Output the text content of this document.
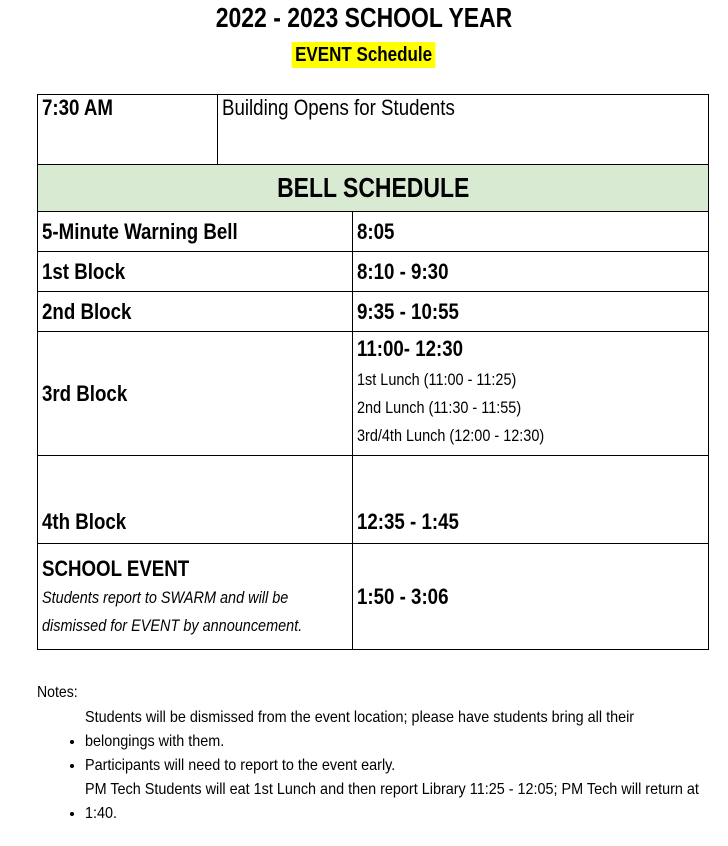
2022 - 2023 SCHOOL YEAR
EVENT Schedule
7:30 AM	Building Opens for Students
BELL SCHEDULE	
5-Minute Warning Bell	8:05
1st Block	8:10 - 9:30
2nd Block	9:35 - 10:55
3rd Block	11:00- 12:30
1st Lunch (11:00 - 11:25)
2nd Lunch (11:30 - 11:55)
3rd/4th Lunch (12:00 - 12:30)

4th Block	12:35 - 1:45

SCHOOL EVENT
Students report to SWARM and will be
dismissed for EVENT by announcement.	1:50 - 3:06
Notes:
• Students will be dismissed from the event location; please have students bring all their belongings with them.
• Participants will need to report to the event early.
• PM Tech Students will eat 1st Lunch and then report Library 11:25 - 12:05; PM Tech will return at 1:40.
